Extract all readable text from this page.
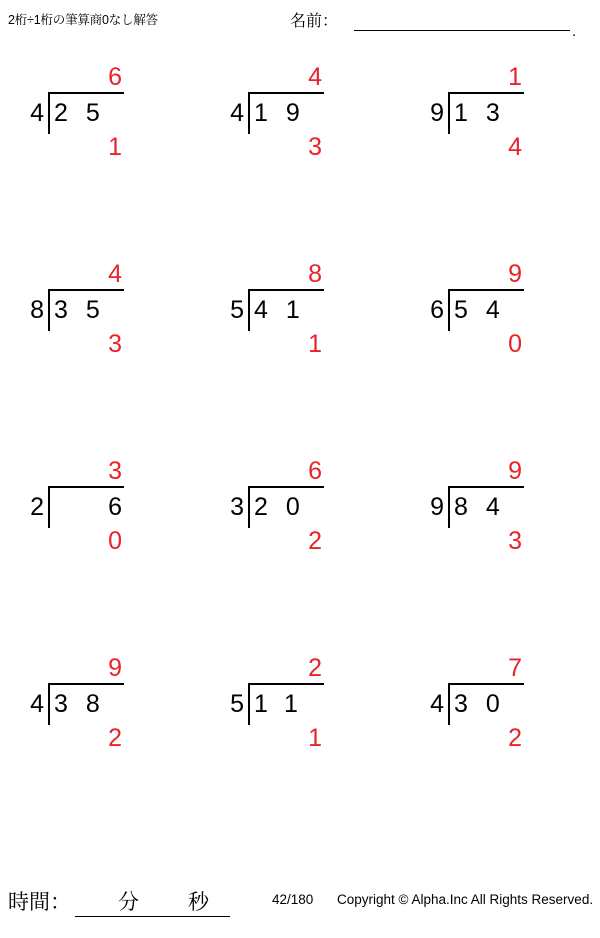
2桁÷1桁の筆算商0なし解答	名前：
.
6
4 25
1
4
4 19
3
1
9 13
4
4
8 35
3
8
5 41
1
9
6 54
0
3
2	6
0
6
3 20
2
9
9 84
3
9
4 38
2
2
5 11
1
7
4 30
2
時間： 分 秒	42/180 Copyright © Alpha.Inc All Rights Reserved.
